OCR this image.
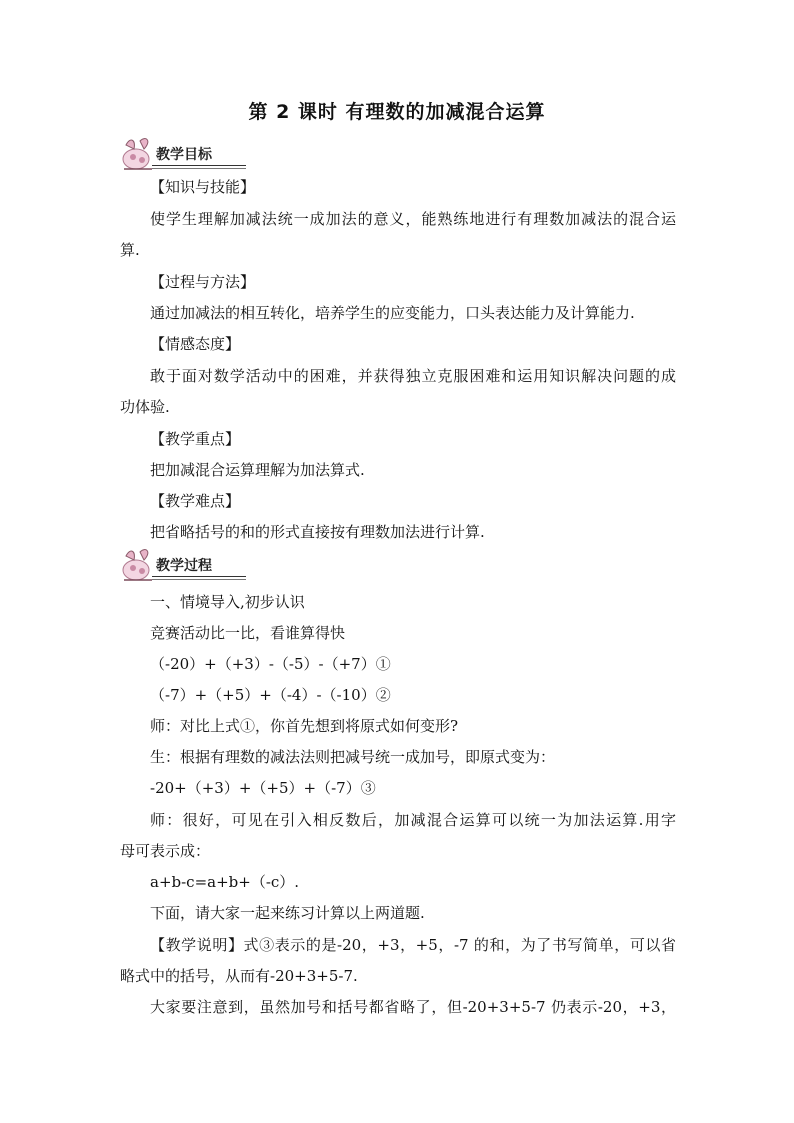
第 2 课时 有理数的加减混合运算
教学目标
【知识与技能】
使学生理解加减法统一成加法的意义，能熟练地进行有理数加减法的混合运
算.
【过程与方法】
通过加减法的相互转化，培养学生的应变能力，口头表达能力及计算能力.
【情感态度】
敢于面对数学活动中的困难，并获得独立克服困难和运用知识解决问题的成
功体验.
【教学重点】
把加减混合运算理解为加法算式.
【教学难点】
把省略括号的和的形式直接按有理数加法进行计算.
教学过程
一、情境导入,初步认识
竞赛活动比一比，看谁算得快
（-20）+（+3）-（-5）-（+7）①
（-7）+（+5）+（-4）-（-10）②
师：对比上式①，你首先想到将原式如何变形?
生：根据有理数的减法法则把减号统一成加号，即原式变为：
-20+（+3）+（+5）+（-7）③
师：很好，可见在引入相反数后，加减混合运算可以统一为加法运算.用字
母可表示成：
a+b-c=a+b+（-c）.
下面，请大家一起来练习计算以上两道题.
【教学说明】式③表示的是-20，+3，+5，-7 的和，为了书写简单，可以省
略式中的括号，从而有-20+3+5-7.
大家要注意到，虽然加号和括号都省略了，但-20+3+5-7 仍表示-20，+3，
